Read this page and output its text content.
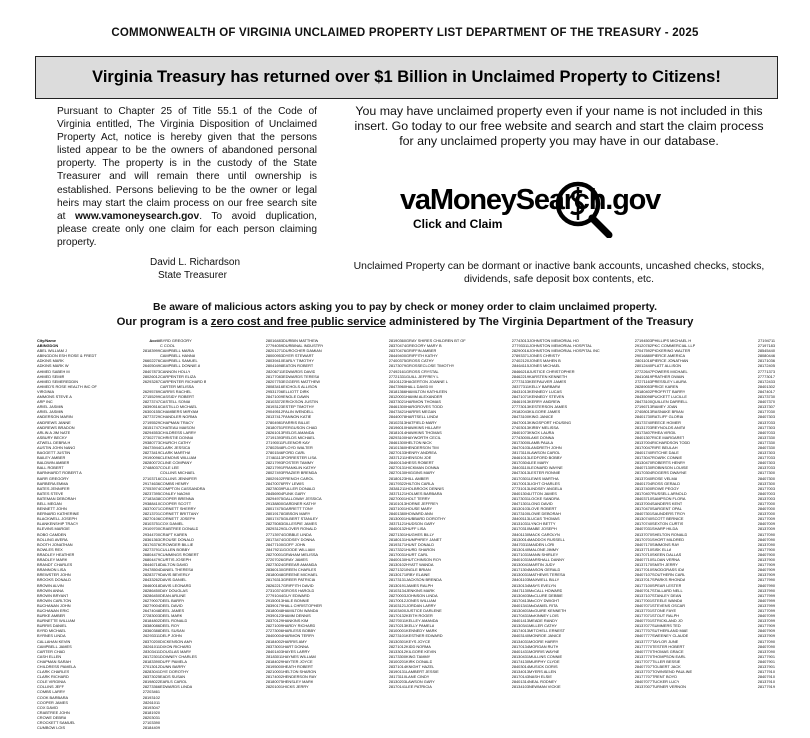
COMMONWEALTH OF VIRGINIA UNCLAIMED PROPERTY LIST DEPARTMENT OF THE TREASURY - 2025
Virginia Treasury has returned over $1 Billion in Unclaimed Property to Citizens!

Pursuant to Chapter 25 of Title 55.1 of the Code of Virginia entitled, The Virginia Disposition of Unclaimed Property Act, notice is hereby given that the persons listed appear to be the owners of abandoned personal property. The property is in the custody of the State Treasurer and will remain there until ownership is established. Persons believing to be the owner or legal heirs may start the claim process on our free search site at www.vamoneysearch.gov. To avoid duplication, please create only one claim for each person claiming property.

David L. Richardson
State Treasurer

You may have unclaimed property even if your name is not included in this insert. Go today to our free website and search and start the claim process for any unclaimed property you may have in our database.

vaMoneySearch.gov
Click and Claim
Unclaimed Property can be dormant or inactive bank accounts, uncashed checks, stocks, dividends, safe deposit box contents, etc.
Be aware of malicious actors asking you to pay by check or money order to claim unclaimed property.
Our program is a zero cost and free public service administered by The Virginia Department of the Treasury
City/Name	Acct#
ABINGDON
ABEL WILLIAM J	28183999
ABINGDON ESH ROSE & FREDT
ADKINS MARK	26602276
ADKINS MARK W	26405049
AHMED SABEH M	28407873
AHMED SEMIR	28026012
AHMED SEMEREDDIN	26293287
AHMED'S ROSE HEALTH INC OF
VIRGINIA	26295789
AMMONS STEVE A	27155299
ARP INC	28273747
ARIEL JASMIN	28390516
ARIEL JASMIN	26300155
ANDERSON MARIN	28773729
ANDREWS JANNE	27195529
ANDREWS BRADON	28151747
ARLIN A JIM NATE	28294553
ASBURY BECKY	27302770
ATWELL DEBRA H	29380773
AUSTIN JOHN NANO	28473944
BAGGETT JUSTIN	28273419
BAILEY AMBER	29190096
BALDWIN AMBER	28280072
BALL ROBERT	27488037
BARNHARDT ROBERT A
BARR GREGORY	27103716
BARBERA EMMA	29174636
BATES JENNIFER	27053974
BATES STEVE	28237395
BATEMAN DEBORAH	27183438
BELL MEGAN	29388410
BENNETT JOHN	28370071
BERNARD KATHERINE	28213701
BLACKWELL JOSEPH	28270106
BLANKENSHIP TRACY	28103751
BLEVINS MARGIE	29109700
BOBO CAMDEN	29344700
BOLLING AVERA	28361363
BOOTH JONATHAN	28176376
BOWLES REX	28273791
BRADLEY HEATHER	26804479
BRADLEY MARK	26804479
BRANDT CHARLES	28446718
BRANNON LISA	29478504
BREWSTER JOHN	28283779
BROOKS DONALD	28433262
BROWN ALVIN	28460018
BROWN ANNA	28286450
BROWN BRYANT	28286450
BROWN CARLTON	26279007
BUCHANAN JOHN	28279004
BUCHANAN ERIC	26474048
BURKE AMBER	27283003
BURNETTE WILLIAM	28184802
BURRIS DANIEL	28380086
BYRD MICHAEL	28360388
BYRNES LINDA	26293311
CALLAHAN KEVIN	28370200
CAMPBELL JAMES	28261011
CARTER CHAD	28303411
CASH ELLEN	28172301
CHAPMAN SARAH	28183390
CHILDRESS PAMELA	27013012
CLARK CHARLES	28283041
CLARK RICHARD	28373025
COLE VIRGINIA	28198022
COLLINS JEFF	28273366
COMBS LARRY	27203461
COOK BARBARA	28193102
COOPER JAMES	28261011
COX DAVID	28193047
CRABTREE JOHN	28181920
CROWE DEBRA	28203031
CROCKETT SAMUEL	27103390
CUMBOW LOIS	28184409
BYRD GREGORY	28016483
C COOL	27794059
CAMPBELL MARIA	28201271
CAMPBELL HANNA	28000953
CAMPBELL SAMUEL	28039410
CAMPBELL DONNIE A	28041698
CANNON HOLLY	28206711
CARPENTER ELIZA	28177083
CARPENTER RICHARD B	28207753
CARTER MELISSA	28083416
CARRIS RACHEL	29531706
CASSIDY ROBERT	28471009
CASTELL SONIA	28103372
CASTILLO MICHAEL	28193123
CHAMBERS MIRYAM	29049512
CHANDLER NORMA	28137417
CHAPMAN TRACY	27804981
CHATEAU MAISON	28180751
CHILDRESS LARRY	28261013
CHRISTIE DONNA	27191393
CHURCH CATHY	27190011
CLARK JESSICA	27802548
CLARK MARTHA	27801546
CLEMONS WILLIAM	27461113
CLINE COMPANY	28217993
COLE LEE	28217991
COLLINS MICHAEL	28027493
COLLINS JENNIFER	28029102
COMBS HENRY	28470076
COMPTON CASSANDRA	28278039
CONLEY NAOMI	28456904
COOPER BRENNA	28294975
COOPER SCOTT	29138800
CORNETT SHERRY	28017475
CORNETT BRITTANY	28019178
CORNETT JOSEPH	28017475
COX DANIEL	28275083
CRABTREE DONALD	28293129
CRAFT KAREN	27713974
CROUSE DONALD	28173474
CROWDER BILLIE	28477100
CULLEN BOBBY	28479211
CUMMINGS ROBERT	28270001
CURTIS JOSEPH	27207026
DALTON DAVID	28273024
DANIEL THERESA	28360130
DAVIS BEVERLY	28180048
DAVIS DANIEL	28176313
DAVIS LEONARD	28262217
DAY DOUGLAS	27310374
DEAN ARLINE	27791044
DEEL BARRY	29150013
DEEL DAVID	28390179
DEEL JAMES	28180048
DEEL MARK	29390123
DEEL RONALD	28370129
DEEL ROY	28271009
DEEL SUSAN	27273006
DELP JOHN	28400004
DICKENSON AMY	28184002
DIXON RICHARD	28373001
DOUGLAS MARY	28401403
DOWNEY CHARLES	28183011
DUFF PAMELA	28184029
DUNN BARRY	28195000
DYE DOROTHY	28210001
EADS SUSAN	28174002
EARLS CAROL	28180075
EDWARDS LINDA	28201001
DURBIN MATTHEW	28190360
DURBINAL INDUSTRY	28370474
DUROCHER DAMIAN	28370476
DYER STEWART	28449400
EARLY TIMOTHY	27400375
EATON ROBERT	28173079
EDWARDS DAVID	27492161
EDWARDS TERESA	27721331
EGGERS MATTHEW	28101123
EICHOLS ALLISON	28473960
ELLIOTT DIRK	28181366
ENGLE DAWN	28120001
ERICKSON JUSTIN	28373021
ESTEP TIMOTHY	28461300
FALIN WENDELL	28473421
FANNON KATIE	28440078
FARRIS BILLIE	28102313
FERGUSON CHAD	28196010
FIELDS AMANDA	28181014
FIELDS MICHAEL	28293100
FLEENOR KAY	28461300
FLOYD WALTER	28101360
FORD CARL	28270133
FORRESTER LISA	28371211
FOSTER TAMMY	28400134
FRANKLIN KATHY	28270131
FRAZIER BRENDA	28270130
FRENCH CAROL	28180123
FRY LEWIS	28179322
FULLER DONALD	28381211
FUNK GARY	28371121
GALLOWAY JESSICA	28270001
GARDNER KATHY	28101013
GARRETT TONY	28371001
GIBSON MARY	28401380
GILBERT STANLEY	28130001
GILLESPIE JAMES	28371121
GLOVER RONALD	28400132
GOBBLE LINDA	28271301
GODSEY DONNA	28180131
GOFF JOHN	28193171
GOODE WILLIAM	28173321
GRAHAM MELISSA	28170031
GRAY JAMES	28400130
GREEAR AMANDA	28130102
GREEN CHARLES	28271321
GREENE MICHAEL	28130171
GREER PATRICIA	28173131
GRIFFITH DAVID	28130191
GROSS HAROLD	28103134
GUY EDWARD	28270003
HALE BONNIE	28170012
HALL CHRISTOPHER	28103121
HAMILTON WANDA	28103400
HAMM DENNIS	28170132
HANKINS KIM	28270011
HARDY RICHARD	28170213
HARLESS BOBBY	28100001
HARMON TERRY	28273101
HARRIS AMY	28130301
HART DONNA	28271012
HAYES LARRY	28133012
HAYNES WILLIAM	28173300
HAYTER JOYCE	28100201
HEATH ROBERT	28371014
HELTON SHARON	28190131
HENDERSON RAY	28173110
HENSLEY MARK	28130203
HICKS JERRY	28170141
GRAY SHIRES CHILDREN BT OF	27743013
GREGORY MARY B	27793311
GRIFFIN AMBER	28290016
GRIFFITH KATHY	27893371
GROSS CATHY	27402120
GROSSECLOSE TIMOTHY	28464115
GROSS CRYSTAL	28466218
GUILL JEFFREY L	28462219
HAGERTON JOANNE L	27773133
HALL DAVID M	28377311
HAMILTON KATHLEEN	28431013
HAMM ALEXANDER	28471071
HARMON THOMAS	28461913
HARGROVES TODD	27773013
HARRIS MEGAN	29182043
HARTSELL LINDA	28473100
HATFIELD MARY	28470013
HAWKINS HILLARY	27403013
HAWKINS THOMAS	28401073
HAYWORTH CECIL	27743000
HELTON NICK	28173000
HENDERSON TIM	28470103
HENRY ANDREA	28173110
HENSON JOE	28461013
HESS ROBERT	28170304
HICKMAN DONNA	28403110
HIGGINS MARY	28473013
HILL AMBER	28170301
HILTON CARLA	28170013
HOLBROOK DENNIS	27731013
HOLMES BARBARA	28401304
HOLT TERRY	28173031
HORNE JEFFREY	28471301
HOUSE MARY	28130103
HOWARD ANN	28173100
HUBBARD DOROTHY	28400113
HUDSON GARY	28131031
HUFF LISA	28170310
HUGHES BILLY	28401130
HUMPHREY JANET	28130014
HUNT DONALD	28470311
HURD SHARON	28130140
HURT CARL	28171031
HUTCHINSON ROY	28401031
HYATT WANDA	28130041
INGLE BRIAN	28171304
IRBY ELAINE	28130031
JACKSON BRENDA	28401103
JAMES RALPH	28130134
JENKINS MARK	28471130
JOHNSON LINDA	28130403
JONES WILLIAM	28170413
JORDAN LARRY	28401341
JUSTICE DARLENE	28130401
KEITH ROGER	28170431
KELLEY AMANDA	28401413
KELLY PAMELA	28130341
KENNEDY MARK	28174013
KESTNER EDWARD	28403140
KEYS JOYCE	28134031
KIDD NORMA	28170134
KILGORE KEVIN	28401431
KING TAMMY	28130431
KIRK DONALD	28174130
KNIGHT HAZEL	28403014
LAMBERT JESSIE	28134013
LANE CINDY	28170143
LAWSON GARY	28401314
LEE PATRICIA	28134103
JOHNSTON MEMORIAL HO	27194503
JOHNSTON MEMORIAL HOSPITAL	29120782
JOHNSTON MEMORIAL HOSPITAL INC	27047592
JONES CHRISTY	29016880
JONES MAHEN B	28011016
JONES MICHAEL	28012440
JUSTICE CHRISTOPHER	27722647
KARSTEN KENNETH	28410819
KEEFAUVER JAMES	27271163
KELLY BARBARA	28289053
KENNEDY LUCAS	29180402
KENNEDY STEVEN	28435098
KERRY ANDREW	28473100
KESTERSON JAMES	27196713
KILGORE JAMES	27408013
KING JANICE	28401730
KINGSPORT HOUSING	28173740
KIRBY MELISSA	28131703
KNOX LAURA	28173407
LAKE DONNA	28401307
LAMB PAULA	28137004
LANDRETH JOHN	28170047
LAWSON CAROL	28401740
LEDFORD BOBBY	28173047
LEE MARY	28130470
LEONARD WAYNE	28407130
LESTER RONNIE	28170304
LEWIS MARTHA	28137040
LIGHT CHARLES	28401704
LINDSEY ANGELA	28137400
LITTON JAMES	28170407
LOCKE SANDRA	28403710
LONG DAVID	28137004
LOVE ROBERT	28170470
LOWE DEBORAH	28407301
LUCAS THOMAS	28130740
LYNCH BETTY	28170740
MABE JOSEPH	28407031
MACK CAROLYN	28137070
MADDOX RUSSELL	28170701
MAIDEN LORI	28407170
MALONE JIMMY	28137710
MANN SHIRLEY	28170710
MARSHALL DANNY	28407710
MARTIN JUDY	28137170
MASON GERALD	28177010
MATHEWS TERESA	28407107
MAXWELL BILLY	28137017
MAYS EVELYN	28177100
McCALL HOWARD	28407017
McCLURE DEBBIE	28137107
McCOY DWIGHT	28177001
McDANIEL RITA	28407071
McGUIRE KENNETH	28137701
McKINNEY LOIS	28177071
MEADE RANDY	28407701
MILLER CATHY	28137077
MITCHELL ERNEST	28177707
MONROE JANICE	28407777
MOORE HARRY	28137777
MORGAN RUTH	28177770
MORRIS WAYNE	28407770
MULLINS CONNIE	28137770
MURPHY CLYDE	28177077
MUSICK DORIS	28407707
MYERS ALLEN	28137707
NASH ELSIE	28177707
NEAL RODNEY	28407077
NEWMAN VICKIE	28137007
PHILLIPS MICHAEL H	27194711
PKC COMMERCIAL LLP	27197183
PICKERING WALTER	28545440
PIERCE AMERICA	28080446
PIERCE JONATHAN	28171036
PLATT ALLISON	28172405
POWERS MICHAEL	27771373
PRATHER DWAIN	27773017
PRESSLEY LAURA	28172433
PRICE KAREN	28401302
PROFFITT BARRY	28474017
PUCKETT LUCILLE	28173730
QUILLEN DARRELL	28407370
RAMEY JOAN	28137307
RASNAKE BRIAN	28177030
RATLIFF GLORIA	28407303
REECE HOMER	28137033
REYNOLDS ANITA	28177303
RHEA VIRGIL	28407033
RICE MARGARET	28137330
RICHARDSON TODD	28177330
RIFE BEULAH	28407330
RITCHIE DALE	28137303
ROARK CONNIE	28177033
ROBERTS HENRY	28407303
ROBINSON LOUISE	28137033
ROGERS DWAYNE	28177300
ROSE VELMA	28407300
ROSS GERALD	28137300
ROWE PEGGY	28177003
RUSSELL ARNOLD	28407003
SAMPSON FLORA	28137003
SANDERS KENT	28177000
SARGENT OPAL	28407000
SAUNDERS TROY	28137000
SCOTT BERNICE	28177009
SEXTON CURTIS	28407009
SHARP HILDA	28137009
SHELTON RONALD	28177090
SHORT MILDRED	28407090
SIMMONS RAY	28137090
SISK ELLA	28177900
SKEEN DALLAS	28407900
SLOAN VERNA	28137900
SMITH JERRY	28177909
SNODGRASS IDA	28407909
SOUTHERN CARL	28137909
SPARKS RHONDA	28177990
SPEAR LESTER	28407990
STALLARD NELL	28137990
STANLEY DEAN	28177999
STEELE WANDA	28407999
STEVENS OSCAR	28137999
STONE FAYE	28177099
STOUT RALPH	28407099
STRICKLAND JO	28137099
SUMMERS TED	28177909
SUTHERLAND MAE	28407909
SWEENEY CLAUDE	28137909
TAYLOR JUNE	28177090
TESTER HOBERT	28407090
THOMAS GRACE	28137090
THOMPSON EARL	28177901
TILLER BESSIE	28407901
TOLBERT JACK	28137901
TOWNSEND PAULINE	28177910
TRENT BOYD	28407910
TUCKER LUCY	28137910
TURNER VERNON	28177919
